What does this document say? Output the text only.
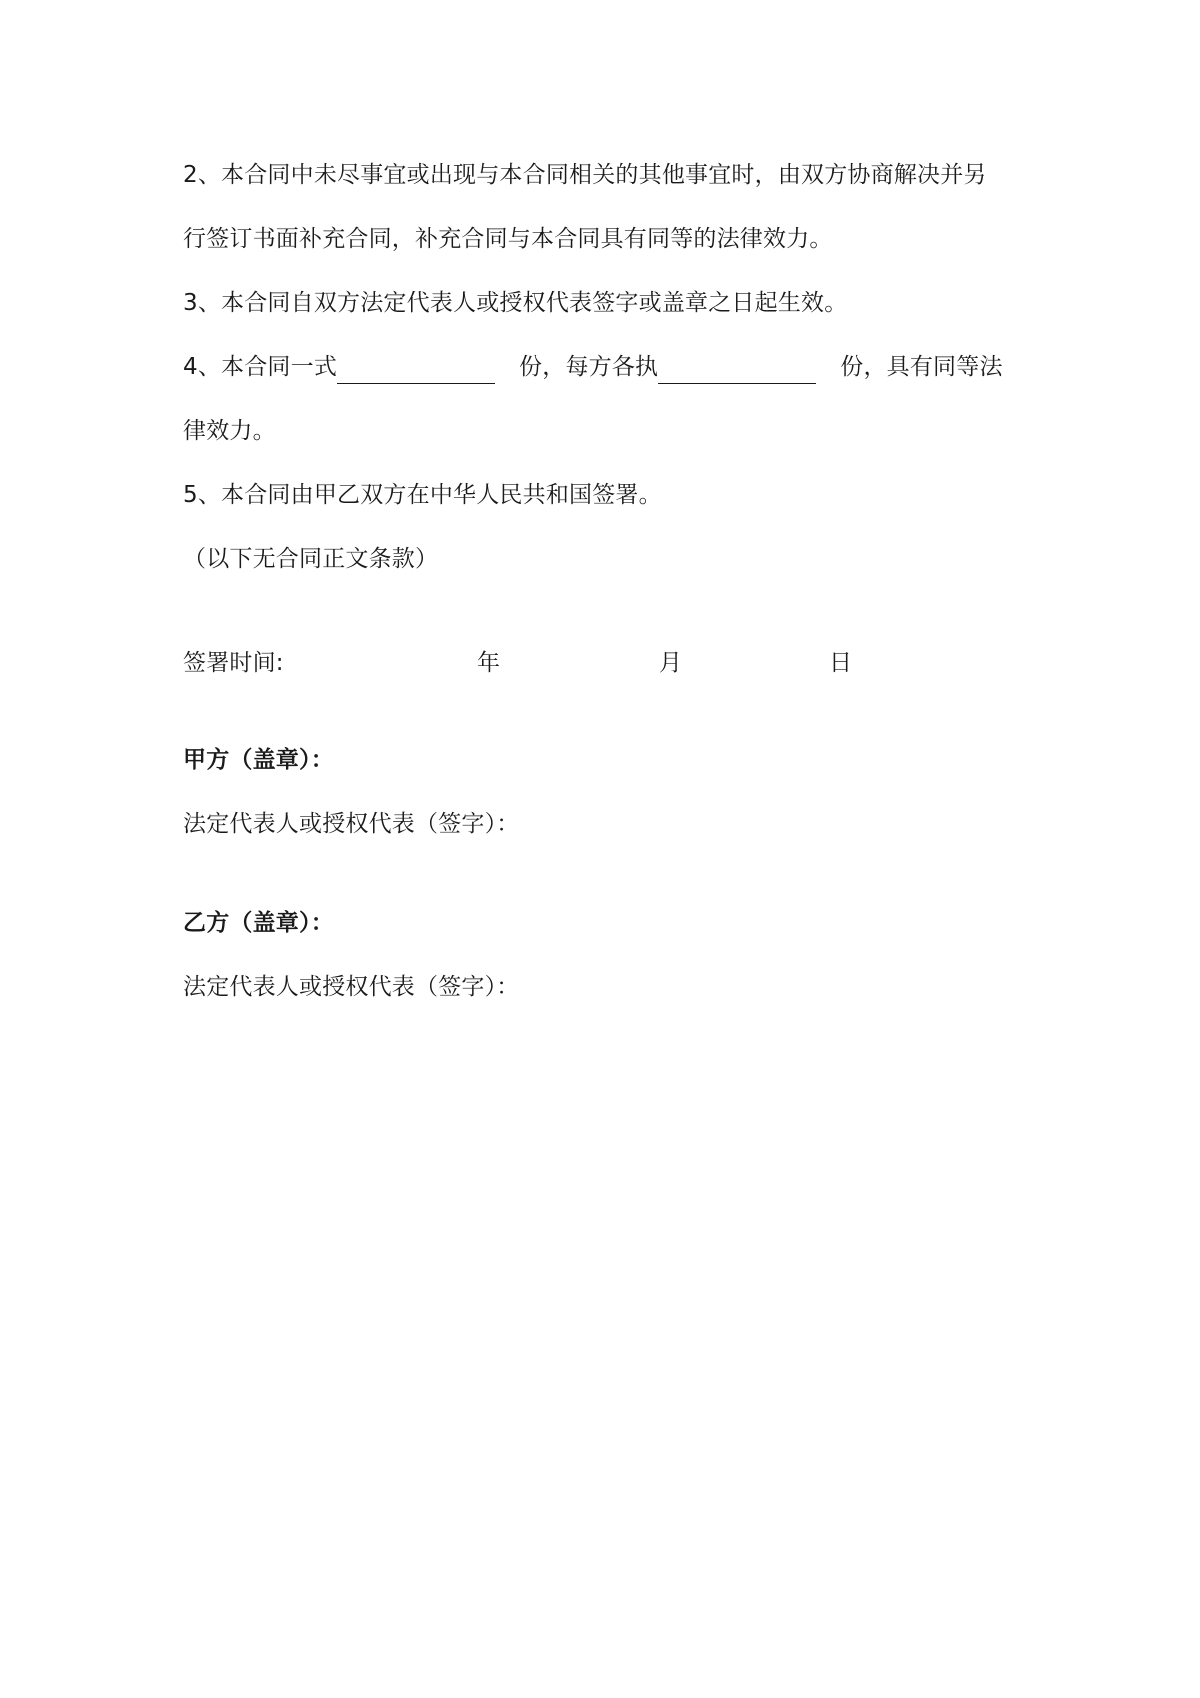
2、本合同中未尽事宜或出现与本合同相关的其他事宜时，由双方协商解决并另
行签订书面补充合同，补充合同与本合同具有同等的法律效力。
3、本合同自双方法定代表人或授权代表签字或盖章之日起生效。
4、本合同一式	份，每方各执	份，具有同等法
律效力。
5、本合同由甲乙双方在中华人民共和国签署。
（以下无合同正文条款）
签署时间:	年	月	日
甲方（盖章）：
法定代表人或授权代表（签字）：
乙方（盖章）：
法定代表人或授权代表（签字）：
